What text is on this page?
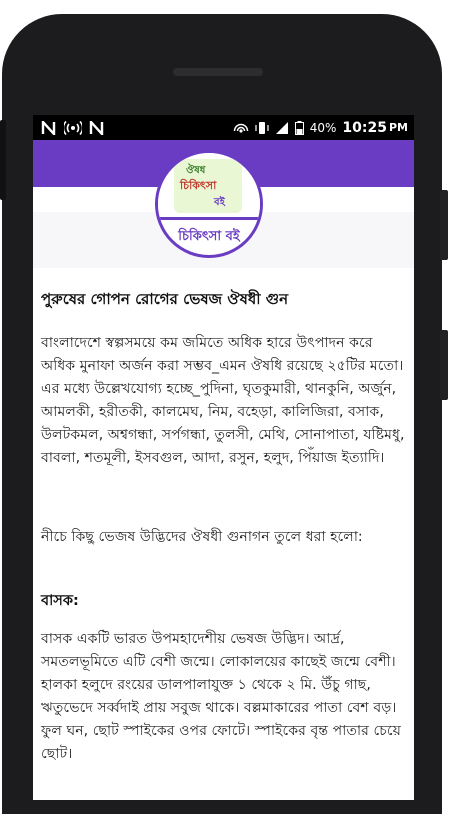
40% 10:25 PM
ঔষধ
চিকিৎসা
বই
চিকিৎসা বই
পুরুষের গোপন রোগের ভেষজ ঔষধী গুন
বাংলাদেশে স্বল্পসময়ে কম জমিতে অধিক হারে উৎপাদন করে অধিক মুনাফা অর্জন করা সম্ভব_এমন ঔষধি রয়েছে ২৫টির মতো। এর মধ্যে উল্লেখযোগ্য হচ্ছে_পুদিনা, ঘৃতকুমারী, থানকুনি, অর্জুন, আমলকী, হরীতকী, কালমেঘ, নিম, বহেড়া, কালিজিরা, বসাক, উলটকমল, অশ্বগন্ধা, সর্পগন্ধা, তুলসী, মেথি, সোনাপাতা, যষ্টিমধু, বাবলা, শতমূলী, ইসবগুল, আদা, রসুন, হলুদ, পিঁয়াজ ইত্যাদি।
নীচে কিছু ভেজষ উদ্ভিদের ঔষধী গুনাগন তুলে ধরা হলো:
বাসক:
বাসক একটি ভারত উপমহাদেশীয় ভেষজ উদ্ভিদ। আর্দ্র, সমতলভূমিতে এটি বেশী জন্মে। লোকালয়ের কাছেই জন্মে বেশী। হালকা হলুদে রংয়ের ডালপালাযুক্ত ১ থেকে ২ মি. উঁচু গাছ, ঋতুভেদে সর্ব্বদাই প্রায় সবুজ থাকে। বল্লমাকারের পাতা বেশ বড়। ফুল ঘন, ছোট স্পাইকের ওপর ফোটে। স্পাইকের বৃন্ত পাতার চেয়ে ছোট।
